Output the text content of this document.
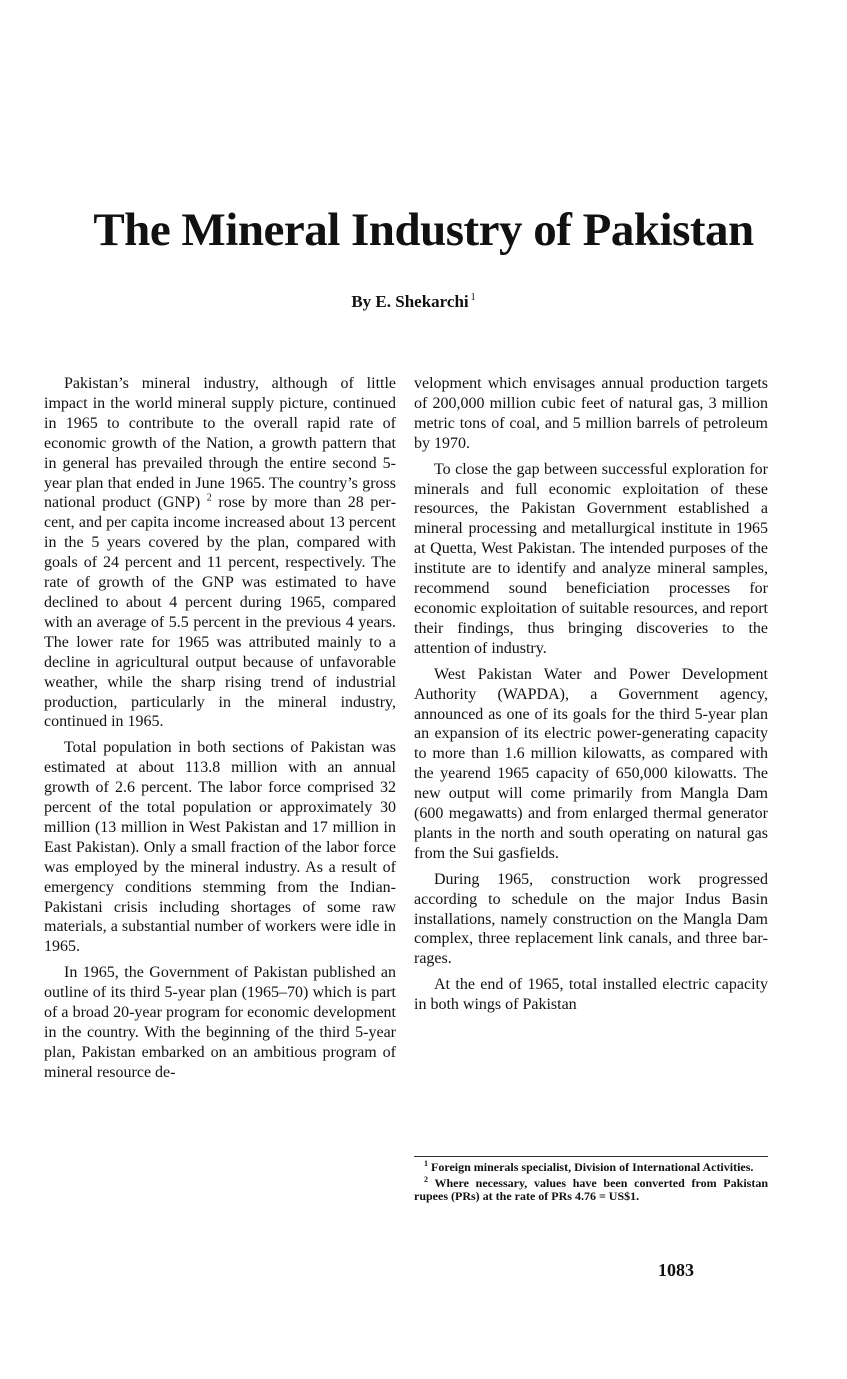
The Mineral Industry of Pakistan
By E. Shekarchi $^1$

Pakistan’s mineral industry, although of little impact in the world mineral supply picture, continued in 1965 to contribute to the overall rapid rate of economic growth of the Nation, a growth pattern that in general has prevailed through the entire second 5-year plan that ended in June 1965. The country’s gross national product (GNP) $^2$ rose by more than 28 percent, and per capita income increased about 13 percent in the 5 years covered by the plan, compared with goals of 24 percent and 11 percent, respectively. The rate of growth of the GNP was estimated to have declined to about 4 percent during 1965, compared with an average of 5.5 percent in the previous 4 years. The lower rate for 1965 was attributed mainly to a decline in agricultural output because of unfavorable weather, while the sharp rising trend of industrial production, particularly in the mineral industry, continued in 1965.

Total population in both sections of Pakistan was estimated at about 113.8 million with an annual growth of 2.6 percent. The labor force comprised 32 percent of the total population or approximately 30 million (13 million in West Pakistan and 17 million in East Pakistan). Only a small fraction of the labor force was employed by the mineral industry. As a result of emergency conditions stemming from the Indian-Pakistani crisis including shortages of some raw materials, a substantial number of workers were idle in 1965.

In 1965, the Government of Pakistan published an outline of its third 5-year plan (1965–70) which is part of a broad 20-year program for economic development in the country. With the beginning of the third 5-year plan, Pakistan embarked on an ambitious program of mineral resource de-

velopment which envisages annual production targets of 200,000 million cubic feet of natural gas, 3 million metric tons of coal, and 5 million barrels of petroleum by 1970.

To close the gap between successful exploration for minerals and full economic exploitation of these resources, the Pakistan Government established a mineral processing and metallurgical institute in 1965 at Quetta, West Pakistan. The intended purposes of the institute are to identify and analyze mineral samples, recommend sound beneficiation processes for economic exploitation of suitable resources, and report their findings, thus bringing discoveries to the attention of industry.

West Pakistan Water and Power Development Authority (WAPDA), a Government agency, announced as one of its goals for the third 5-year plan an expansion of its electric power-generating capacity to more than 1.6 million kilowatts, as compared with the yearend 1965 capacity of 650,000 kilowatts. The new output will come primarily from Mangla Dam (600 megawatts) and from enlarged thermal generator plants in the north and south operating on natural gas from the Sui gasfields.

During 1965, construction work progressed according to schedule on the major Indus Basin installations, namely construction on the Mangla Dam complex, three replacement link canals, and three barrages.

At the end of 1965, total installed electric capacity in both wings of Pakistan

$^1$ Foreign minerals specialist, Division of International Activities.

$^2$ Where necessary, values have been converted from Pakistan rupees (PRs) at the rate of PRs 4.76 = US$1.

1083
